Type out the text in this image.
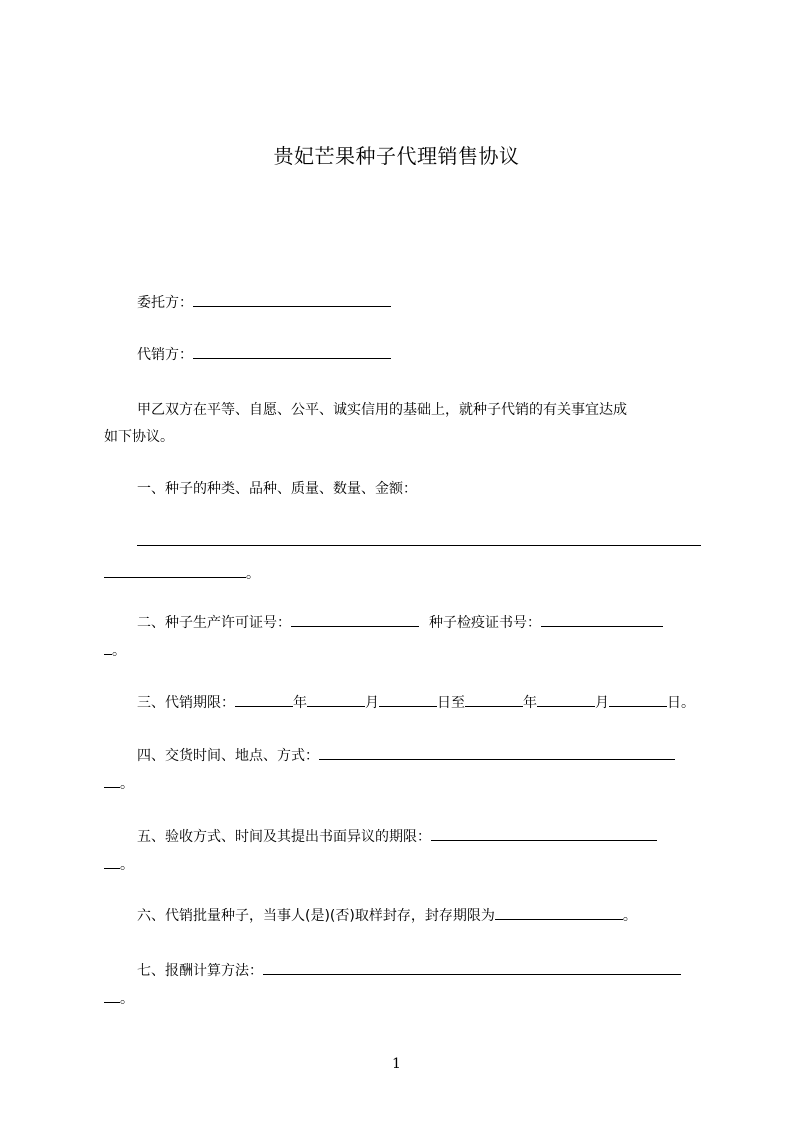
贵妃芒果种子代理销售协议
委托方：
代销方：
甲乙双方在平等、自愿、公平、诚实信用的基础上，就种子代销的有关事宜达成
如下协议。
一、种子的种类、品种、质量、数量、金额：
。
二、种子生产许可证号：	种子检疫证书号：
。
三、代销期限：	年	月	日至	年	月	日。
四、交货时间、地点、方式：
。
五、验收方式、时间及其提出书面异议的期限：
。
六、代销批量种子，当事人(是)(否)取样封存，封存期限为	。
七、报酬计算方法：
。
1
